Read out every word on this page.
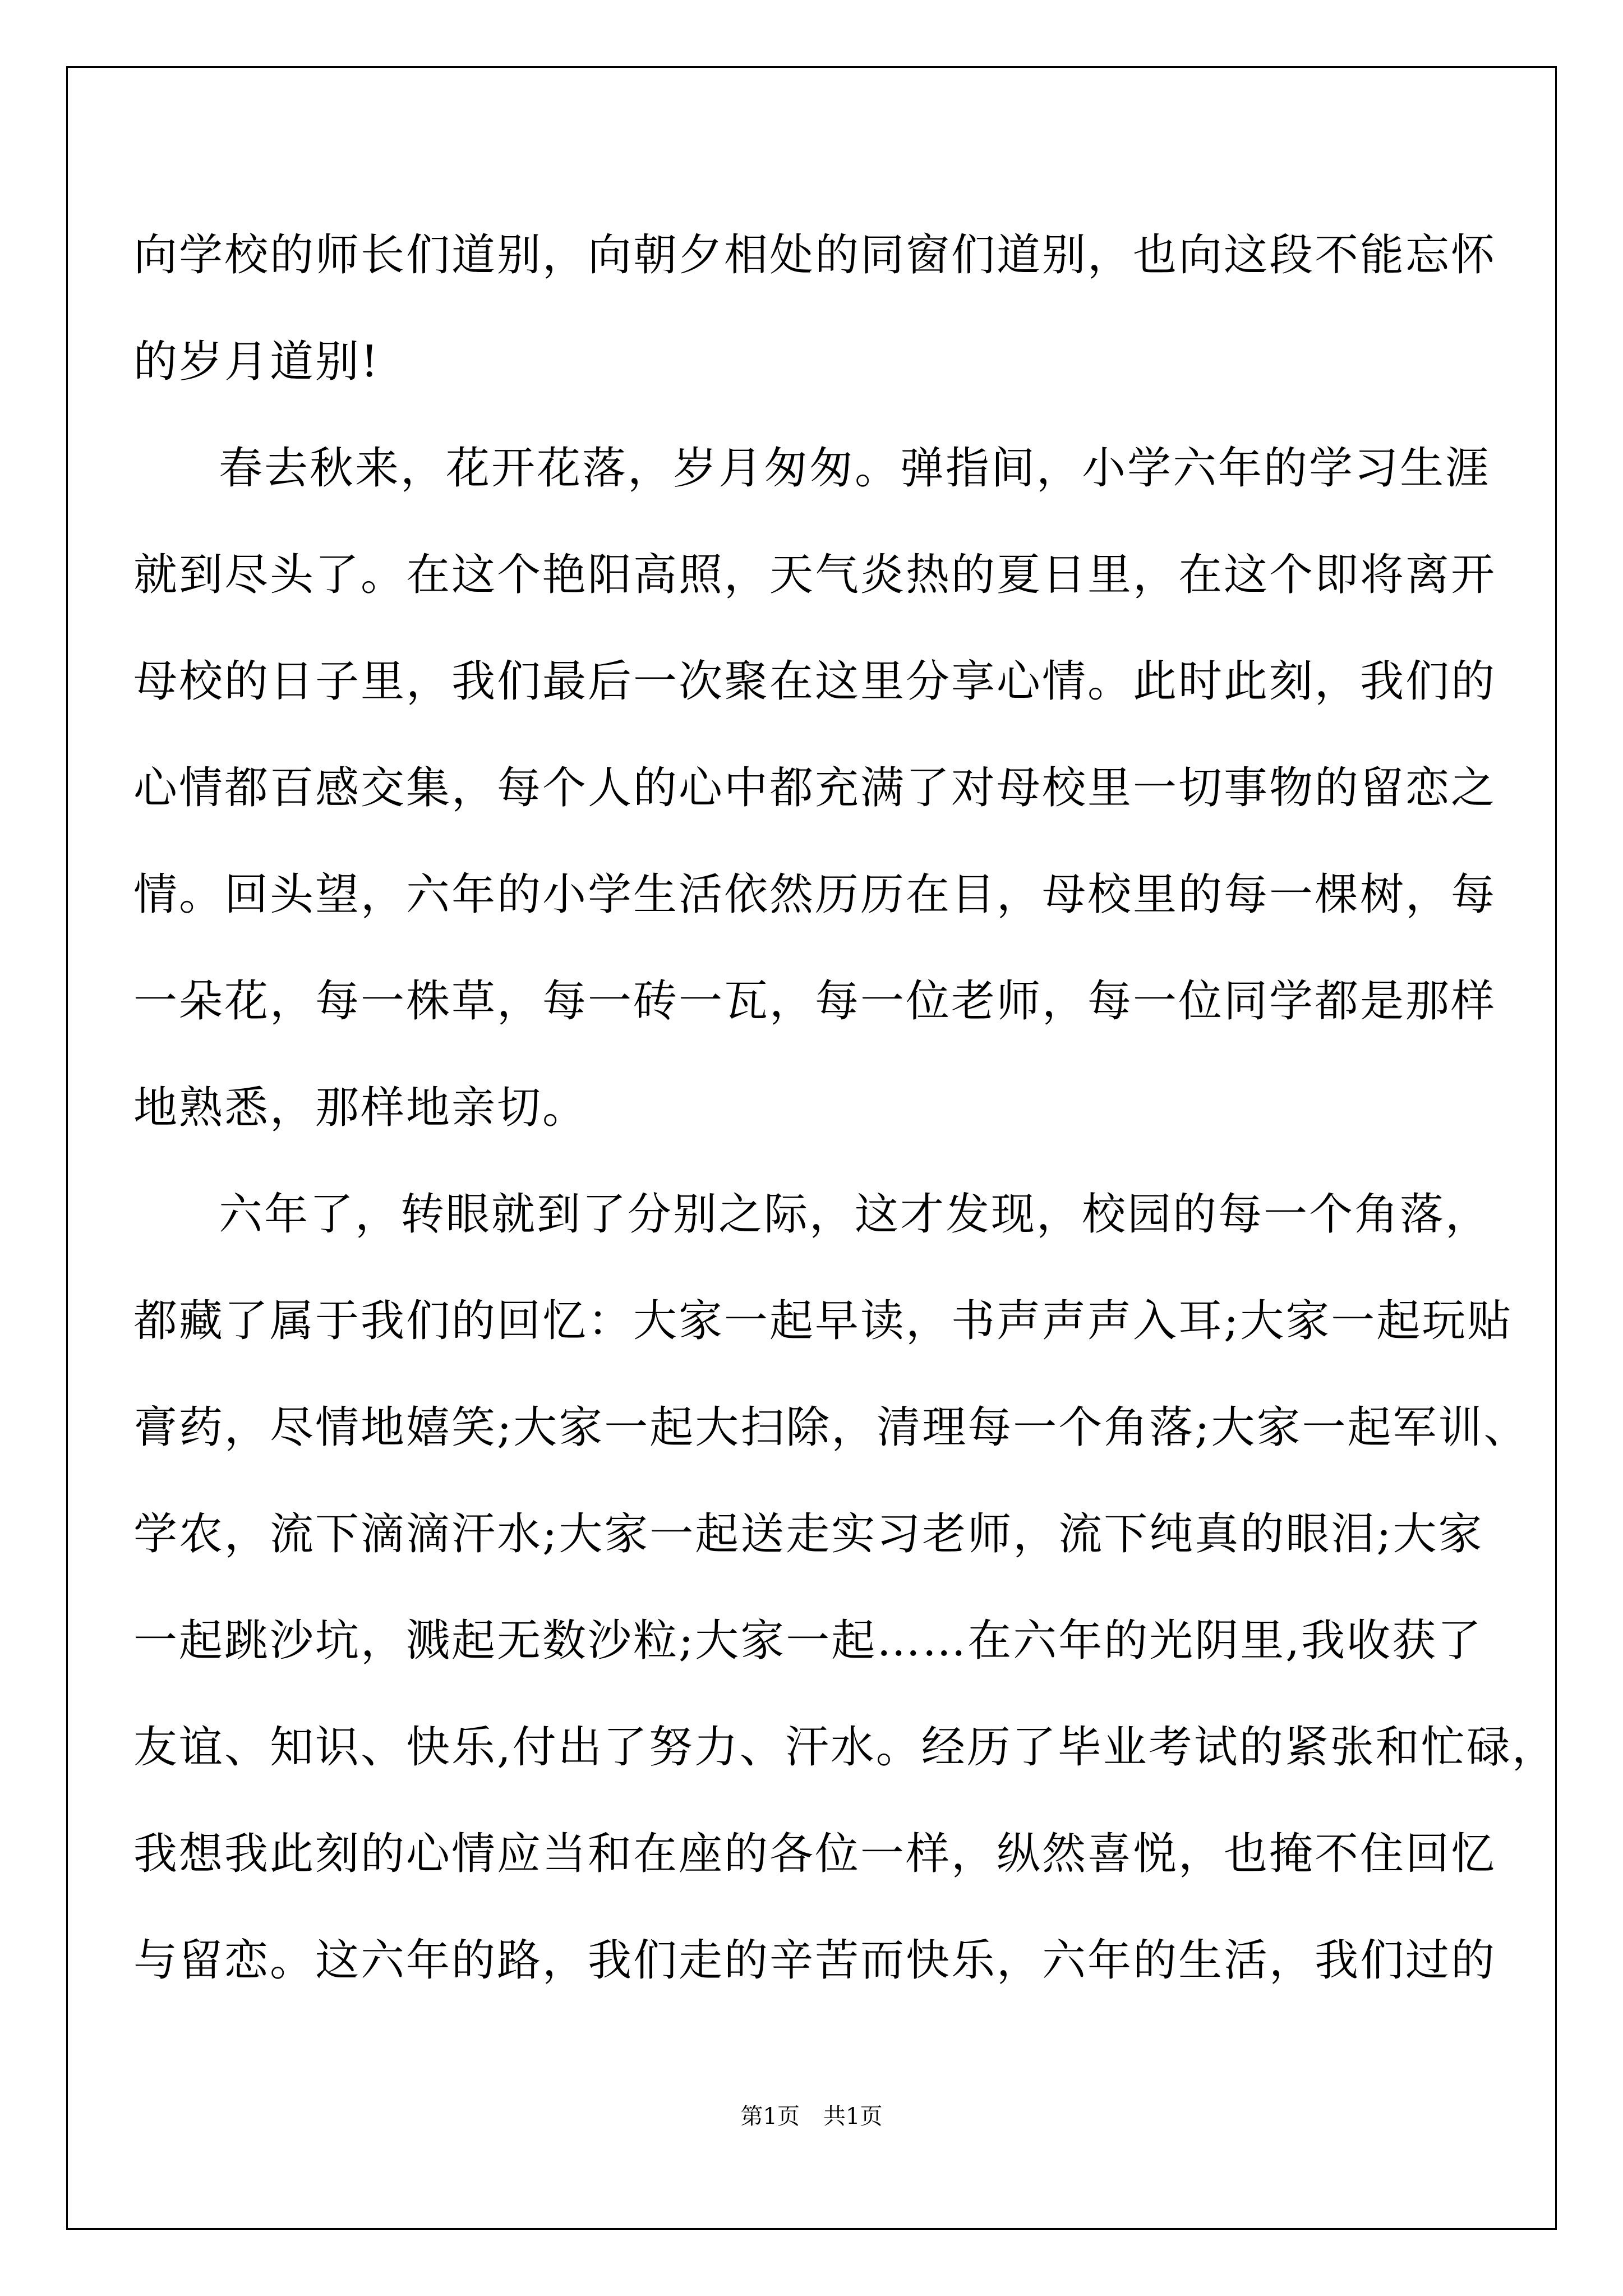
向学校的师长们道别，向朝夕相处的同窗们道别，也向这段不能忘怀
的岁月道别!
春去秋来，花开花落，岁月匆匆。弹指间，小学六年的学习生涯
就到尽头了。在这个艳阳高照，天气炎热的夏日里，在这个即将离开
母校的日子里，我们最后一次聚在这里分享心情。此时此刻，我们的
心情都百感交集，每个人的心中都充满了对母校里一切事物的留恋之
情。回头望，六年的小学生活依然历历在目，母校里的每一棵树，每
一朵花，每一株草，每一砖一瓦，每一位老师，每一位同学都是那样
地熟悉，那样地亲切。
六年了，转眼就到了分别之际，这才发现，校园的每一个角落，
都藏了属于我们的回忆：大家一起早读，书声声声入耳;大家一起玩贴
膏药，尽情地嬉笑;大家一起大扫除，清理每一个角落;大家一起军训、
学农，流下滴滴汗水;大家一起送走实习老师，流下纯真的眼泪;大家
一起跳沙坑，溅起无数沙粒;大家一起……在六年的光阴里,我收获了
友谊、知识、快乐,付出了努力、汗水。经历了毕业考试的紧张和忙碌，
我想我此刻的心情应当和在座的各位一样，纵然喜悦，也掩不住回忆
与留恋。这六年的路，我们走的辛苦而快乐，六年的生活，我们过的
第1页 共1页
